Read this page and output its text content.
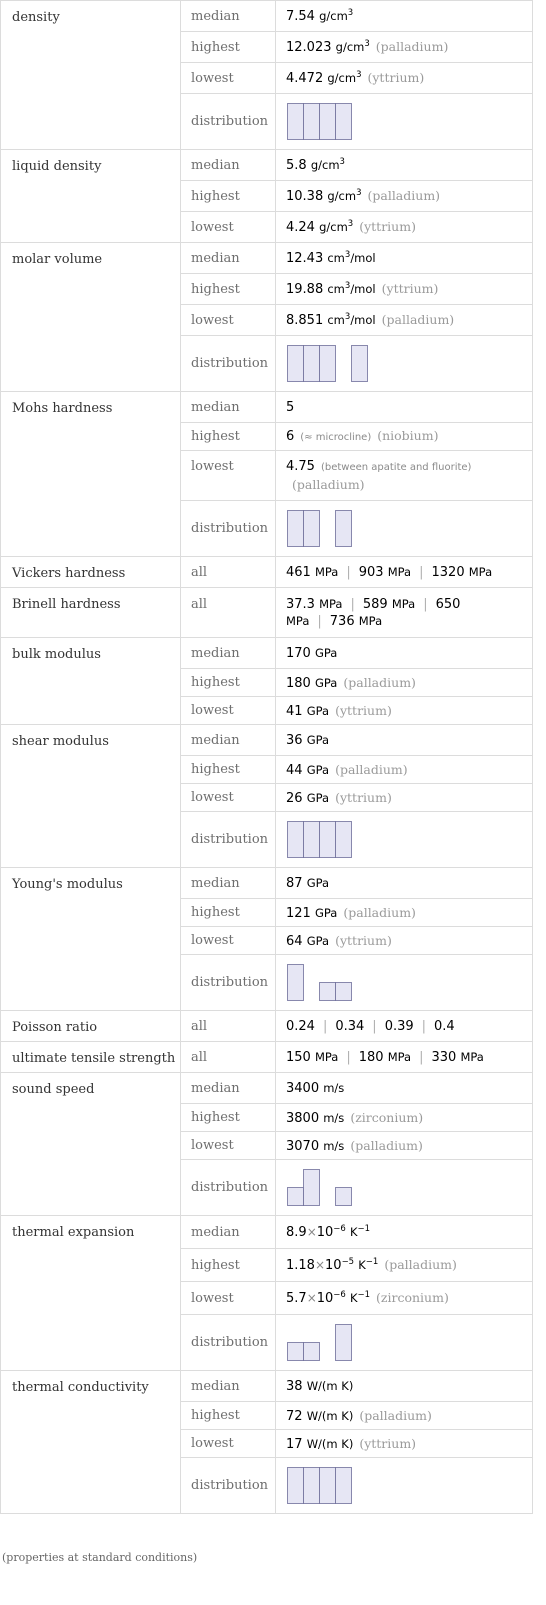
density	median	7.54 $g/cm^3$
	highest	12.023 $g/cm^3$ (palladium)
	lowest	4.472 $g/cm^3$ (yttrium)
	distribution	

liquid density	median	5.8 $g/cm^3$
	highest	10.38 $g/cm^3$ (palladium)
	lowest	4.24 $g/cm^3$ (yttrium)
molar volume	median	12.43 $cm^3$/mol
	highest	19.88 $cm^3$/mol (yttrium)
	lowest	8.851 $cm^3$/mol (palladium)
	distribution	

Mohs hardness	median	5
	highest	6 (≈ microcline) (niobium)
	lowest	4.75 (between apatite and fluorite)
(palladium)
	distribution	

Vickers hardness	all	461 MPa | 903 MPa | 1320 MPa
Brinell hardness	all	37.3 MPa | 589 MPa | 650
MPa | 736 MPa
bulk modulus	median	170 GPa
	highest	180 GPa (palladium)
	lowest	41 GPa (yttrium)
shear modulus	median	36 GPa
	highest	44 GPa (palladium)
	lowest	26 GPa (yttrium)
	distribution	

Young's modulus	median	87 GPa
	highest	121 GPa (palladium)
	lowest	64 GPa (yttrium)
	distribution	

Poisson ratio	all	0.24 | 0.34 | 0.39 | 0.4
ultimate tensile strength	all	150 MPa | 180 MPa | 330 MPa
sound speed	median	3400 m/s
	highest	3800 m/s (zirconium)
	lowest	3070 m/s (palladium)
	distribution	

thermal expansion	median	$8.9\times 10^{-6}$ $K^{-1}$
	highest	$1.18\times 10^{-5}$ $K^{-1}$ (palladium)
	lowest	$5.7\times 10^{-6}$ $K^{-1}$ (zirconium)
	distribution	

thermal conductivity	median	38 W/(m K)
	highest	72 W/(m K) (palladium)
	lowest	17 W/(m K) (yttrium)
	distribution	
(properties at standard conditions)
